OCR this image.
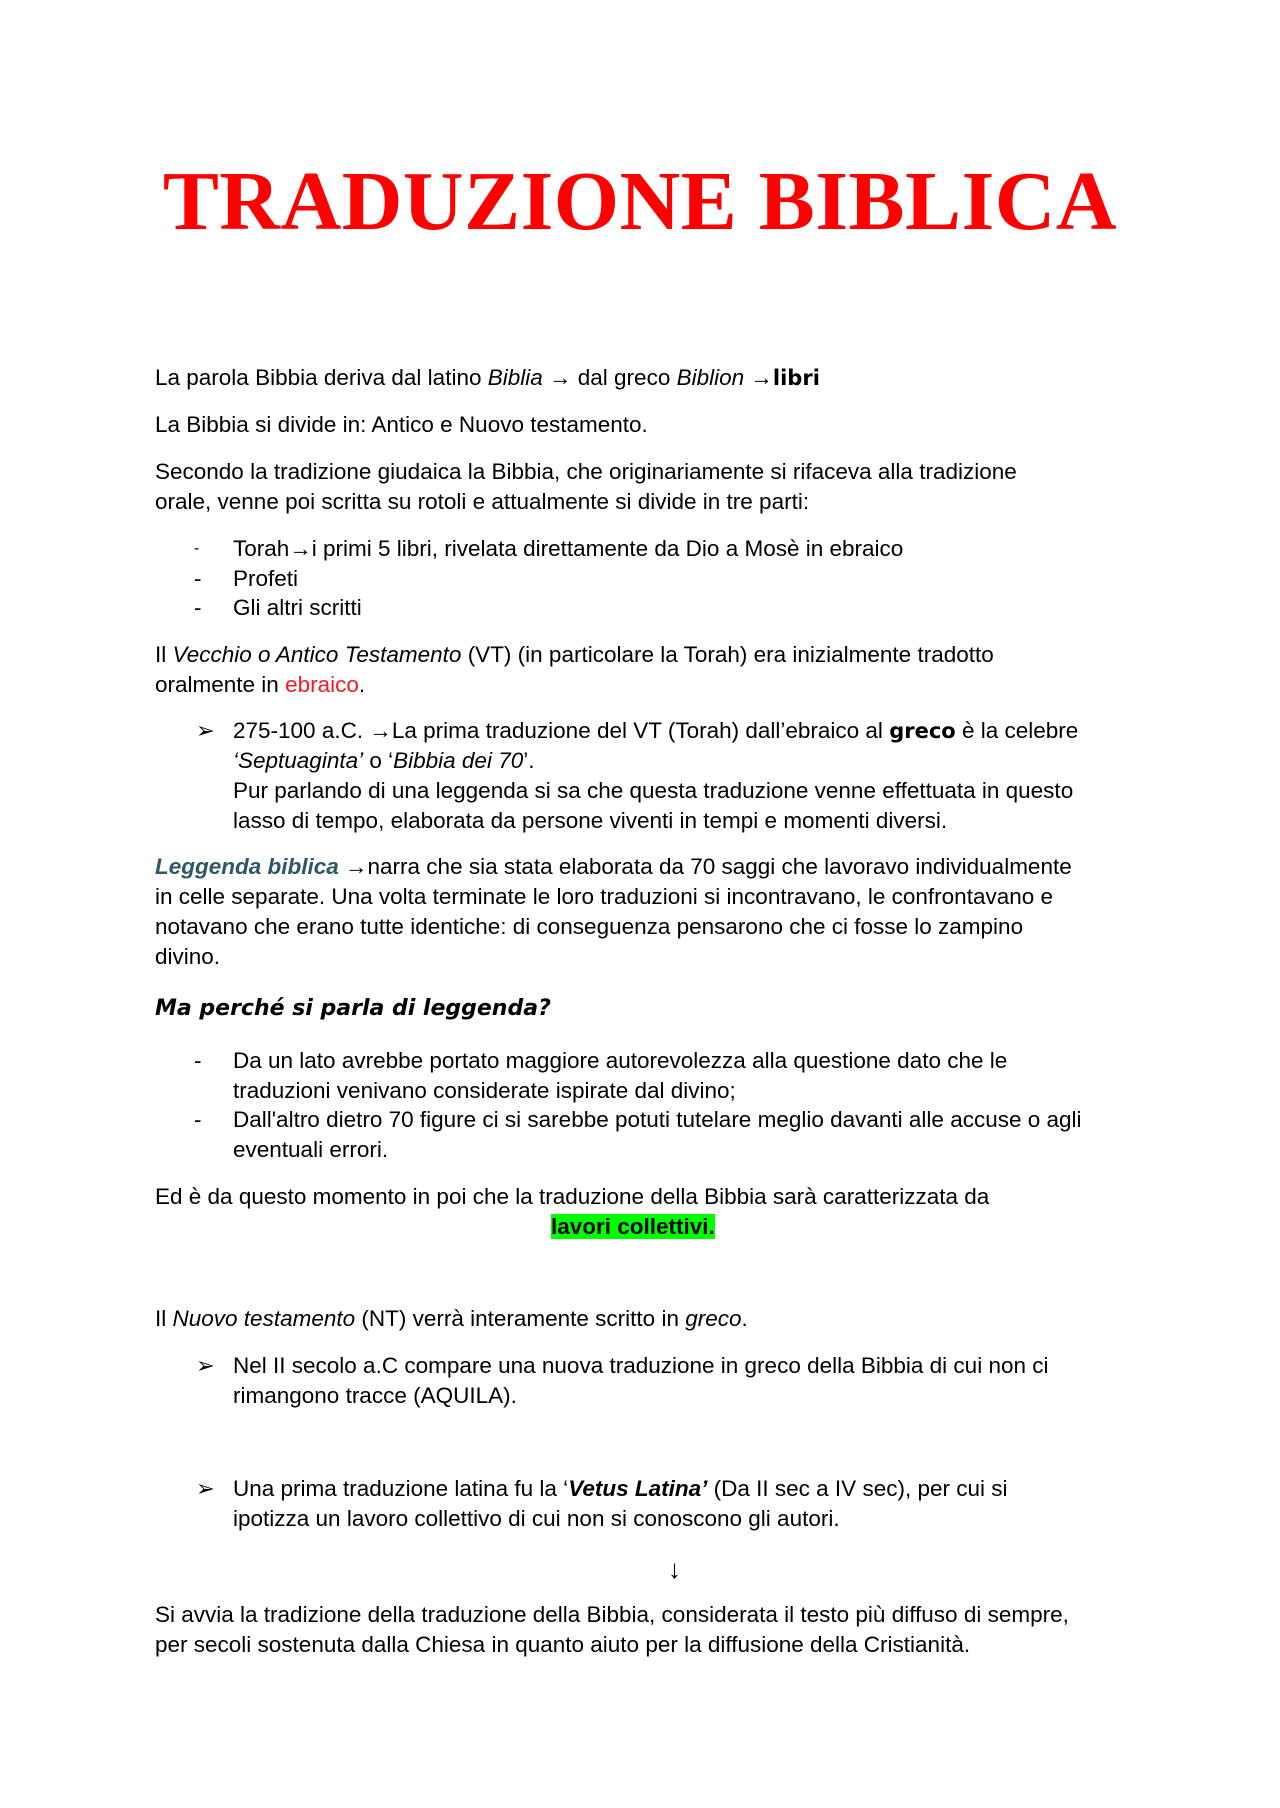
TRADUZIONE BIBLICA

La parola Bibbia deriva dal latino Biblia → dal greco Biblion →libri

La Bibbia si divide in: Antico e Nuovo testamento.

Secondo la tradizione giudaica la Bibbia, che originariamente si rifaceva alla tradizione

orale, venne poi scritta su rotoli e attualmente si divide in tre parti:

- Torah→i primi 5 libri, rivelata direttamente da Dio a Mosè in ebraico

- Profeti

- Gli altri scritti

Il Vecchio o Antico Testamento (VT) (in particolare la Torah) era inizialmente tradotto

oralmente in ebraico.

➢ 275-100 a.C. →La prima traduzione del VT (Torah) dall’ebraico al greco è la celebre

‘Septuaginta’ o ‘Bibbia dei 70’.

Pur parlando di una leggenda si sa che questa traduzione venne effettuata in questo

lasso di tempo, elaborata da persone viventi in tempi e momenti diversi.

Leggenda biblica →narra che sia stata elaborata da 70 saggi che lavoravo individualmente

in celle separate. Una volta terminate le loro traduzioni si incontravano, le confrontavano e

notavano che erano tutte identiche: di conseguenza pensarono che ci fosse lo zampino

divino.

Ma perché si parla di leggenda?

- Da un lato avrebbe portato maggiore autorevolezza alla questione dato che le

traduzioni venivano considerate ispirate dal divino;

- Dall'altro dietro 70 figure ci si sarebbe potuti tutelare meglio davanti alle accuse o agli

eventuali errori.

Ed è da questo momento in poi che la traduzione della Bibbia sarà caratterizzata da

lavori collettivi.

Il Nuovo testamento (NT) verrà interamente scritto in greco.

➢ Nel II secolo a.C compare una nuova traduzione in greco della Bibbia di cui non ci

rimangono tracce (AQUILA).

➢ Una prima traduzione latina fu la ‘Vetus Latina’ (Da II sec a IV sec), per cui si

ipotizza un lavoro collettivo di cui non si conoscono gli autori.

↓

Si avvia la tradizione della traduzione della Bibbia, considerata il testo più diffuso di sempre,

per secoli sostenuta dalla Chiesa in quanto aiuto per la diffusione della Cristianità.
